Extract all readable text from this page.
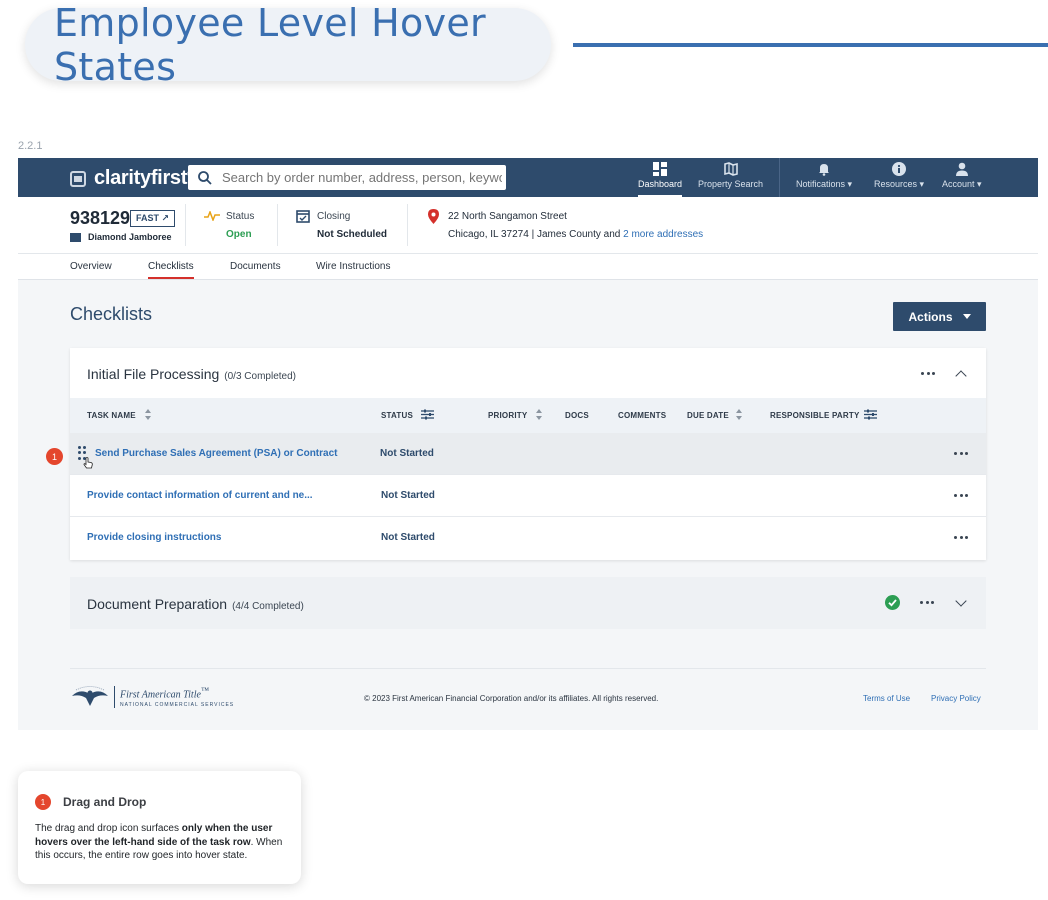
Employee Level Hover States
2.2.1
clarityfirst
Search by order number, address, person, keyword...	Dashboard Property Search	Notifications ▾ Resources ▾ Account ▾
938129 FAST ↗
Diamond Jamboree
Status
Open
Closing
Not Scheduled
22 North Sangamon Street
Chicago, IL 37274 | James County and 2 more addresses
Overview	Checklists	Documents	Wire Instructions
Checklists	Actions
Initial File Processing (0/3 Completed)
TASK NAME	STATUS	PRIORITY	DOCS	COMMENTS	DUE DATE	RESPONSIBLE PARTY
Send Purchase Sales Agreement (PSA) or Contract	Not Started
Provide contact information of current and ne...	Not Started
Provide closing instructions	Not Started
Document Preparation (4/4 Completed)
First American Title™
NATIONAL COMMERCIAL SERVICES
© 2023 First American Financial Corporation and/or its affiliates. All rights reserved.	Terms of Use	Privacy Policy
1
1	Drag and Drop
The drag and drop icon surfaces only when the user hovers over the left-hand side of the task row. When this occurs, the entire row goes into hover state.
